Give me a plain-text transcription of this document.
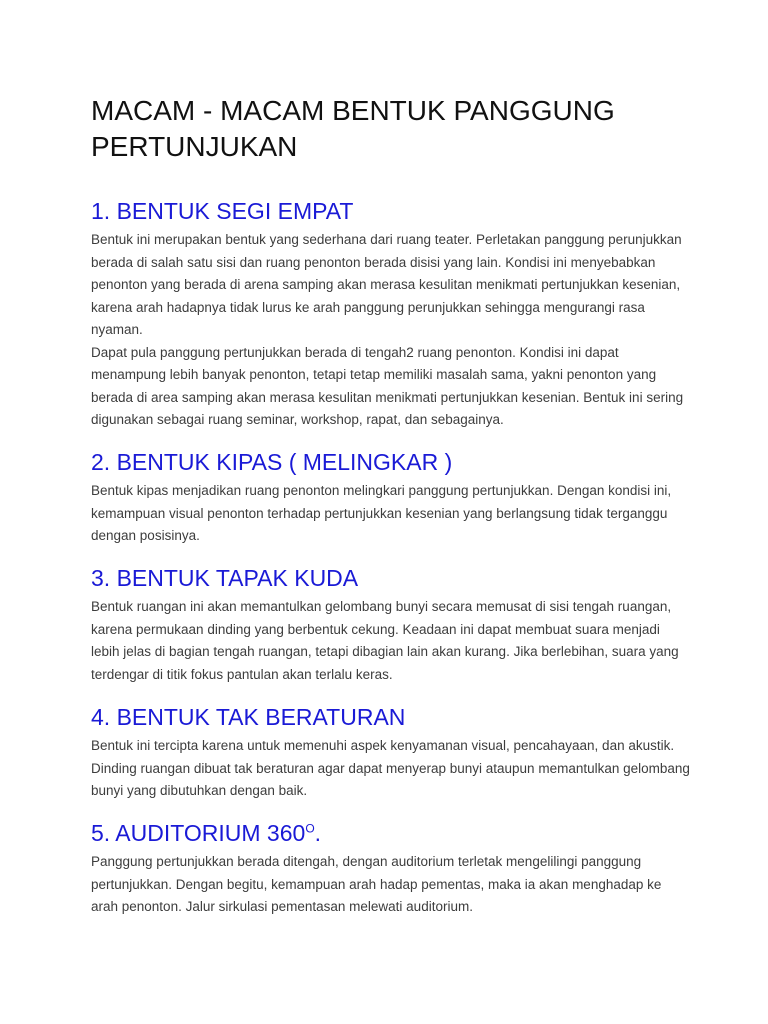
MACAM - MACAM BENTUK PANGGUNG PERTUNJUKAN
1. BENTUK SEGI EMPAT

Bentuk ini merupakan bentuk yang sederhana dari ruang teater. Perletakan panggung perunjukkan berada di salah satu sisi dan ruang penonton berada disisi yang lain. Kondisi ini menyebabkan penonton yang berada di arena samping akan merasa kesulitan menikmati pertunjukkan kesenian, karena arah hadapnya tidak lurus ke arah panggung perunjukkan sehingga mengurangi rasa nyaman.

Dapat pula panggung pertunjukkan berada di tengah2 ruang penonton. Kondisi ini dapat menampung lebih banyak penonton, tetapi tetap memiliki masalah sama, yakni penonton yang berada di area samping akan merasa kesulitan menikmati pertunjukkan kesenian. Bentuk ini sering digunakan sebagai ruang seminar, workshop, rapat, dan sebagainya.

2. BENTUK KIPAS ( MELINGKAR )

Bentuk kipas menjadikan ruang penonton melingkari panggung pertunjukkan. Dengan kondisi ini, kemampuan visual penonton terhadap pertunjukkan kesenian yang berlangsung tidak terganggu dengan posisinya.

3. BENTUK TAPAK KUDA

Bentuk ruangan ini akan memantulkan gelombang bunyi secara memusat di sisi tengah ruangan, karena permukaan dinding yang berbentuk cekung. Keadaan ini dapat membuat suara menjadi lebih jelas di bagian tengah ruangan, tetapi dibagian lain akan kurang. Jika berlebihan, suara yang terdengar di titik fokus pantulan akan terlalu keras.

4. BENTUK TAK BERATURAN

Bentuk ini tercipta karena untuk memenuhi aspek kenyamanan visual, pencahayaan, dan akustik. Dinding ruangan dibuat tak beraturan agar dapat menyerap bunyi ataupun memantulkan gelombang bunyi yang dibutuhkan dengan baik.

5. AUDITORIUM $360^O$.

Panggung pertunjukkan berada ditengah, dengan auditorium terletak mengelilingi panggung pertunjukkan. Dengan begitu, kemampuan arah hadap pementas, maka ia akan menghadap ke arah penonton. Jalur sirkulasi pementasan melewati auditorium.
